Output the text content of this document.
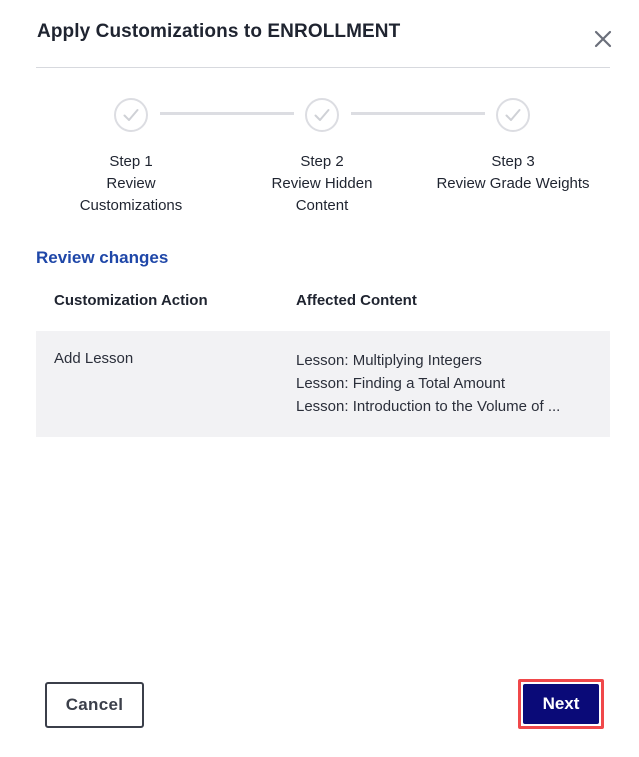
Apply Customizations to ENROLLMENT
Step 1
Review
Customizations
Step 2
Review Hidden
Content
Step 3
Review Grade Weights
Review changes
Customization Action	Affected Content
Add Lesson	Lesson: Multiplying Integers
Lesson: Finding a Total Amount
Lesson: Introduction to the Volume of ...
Cancel	Next
